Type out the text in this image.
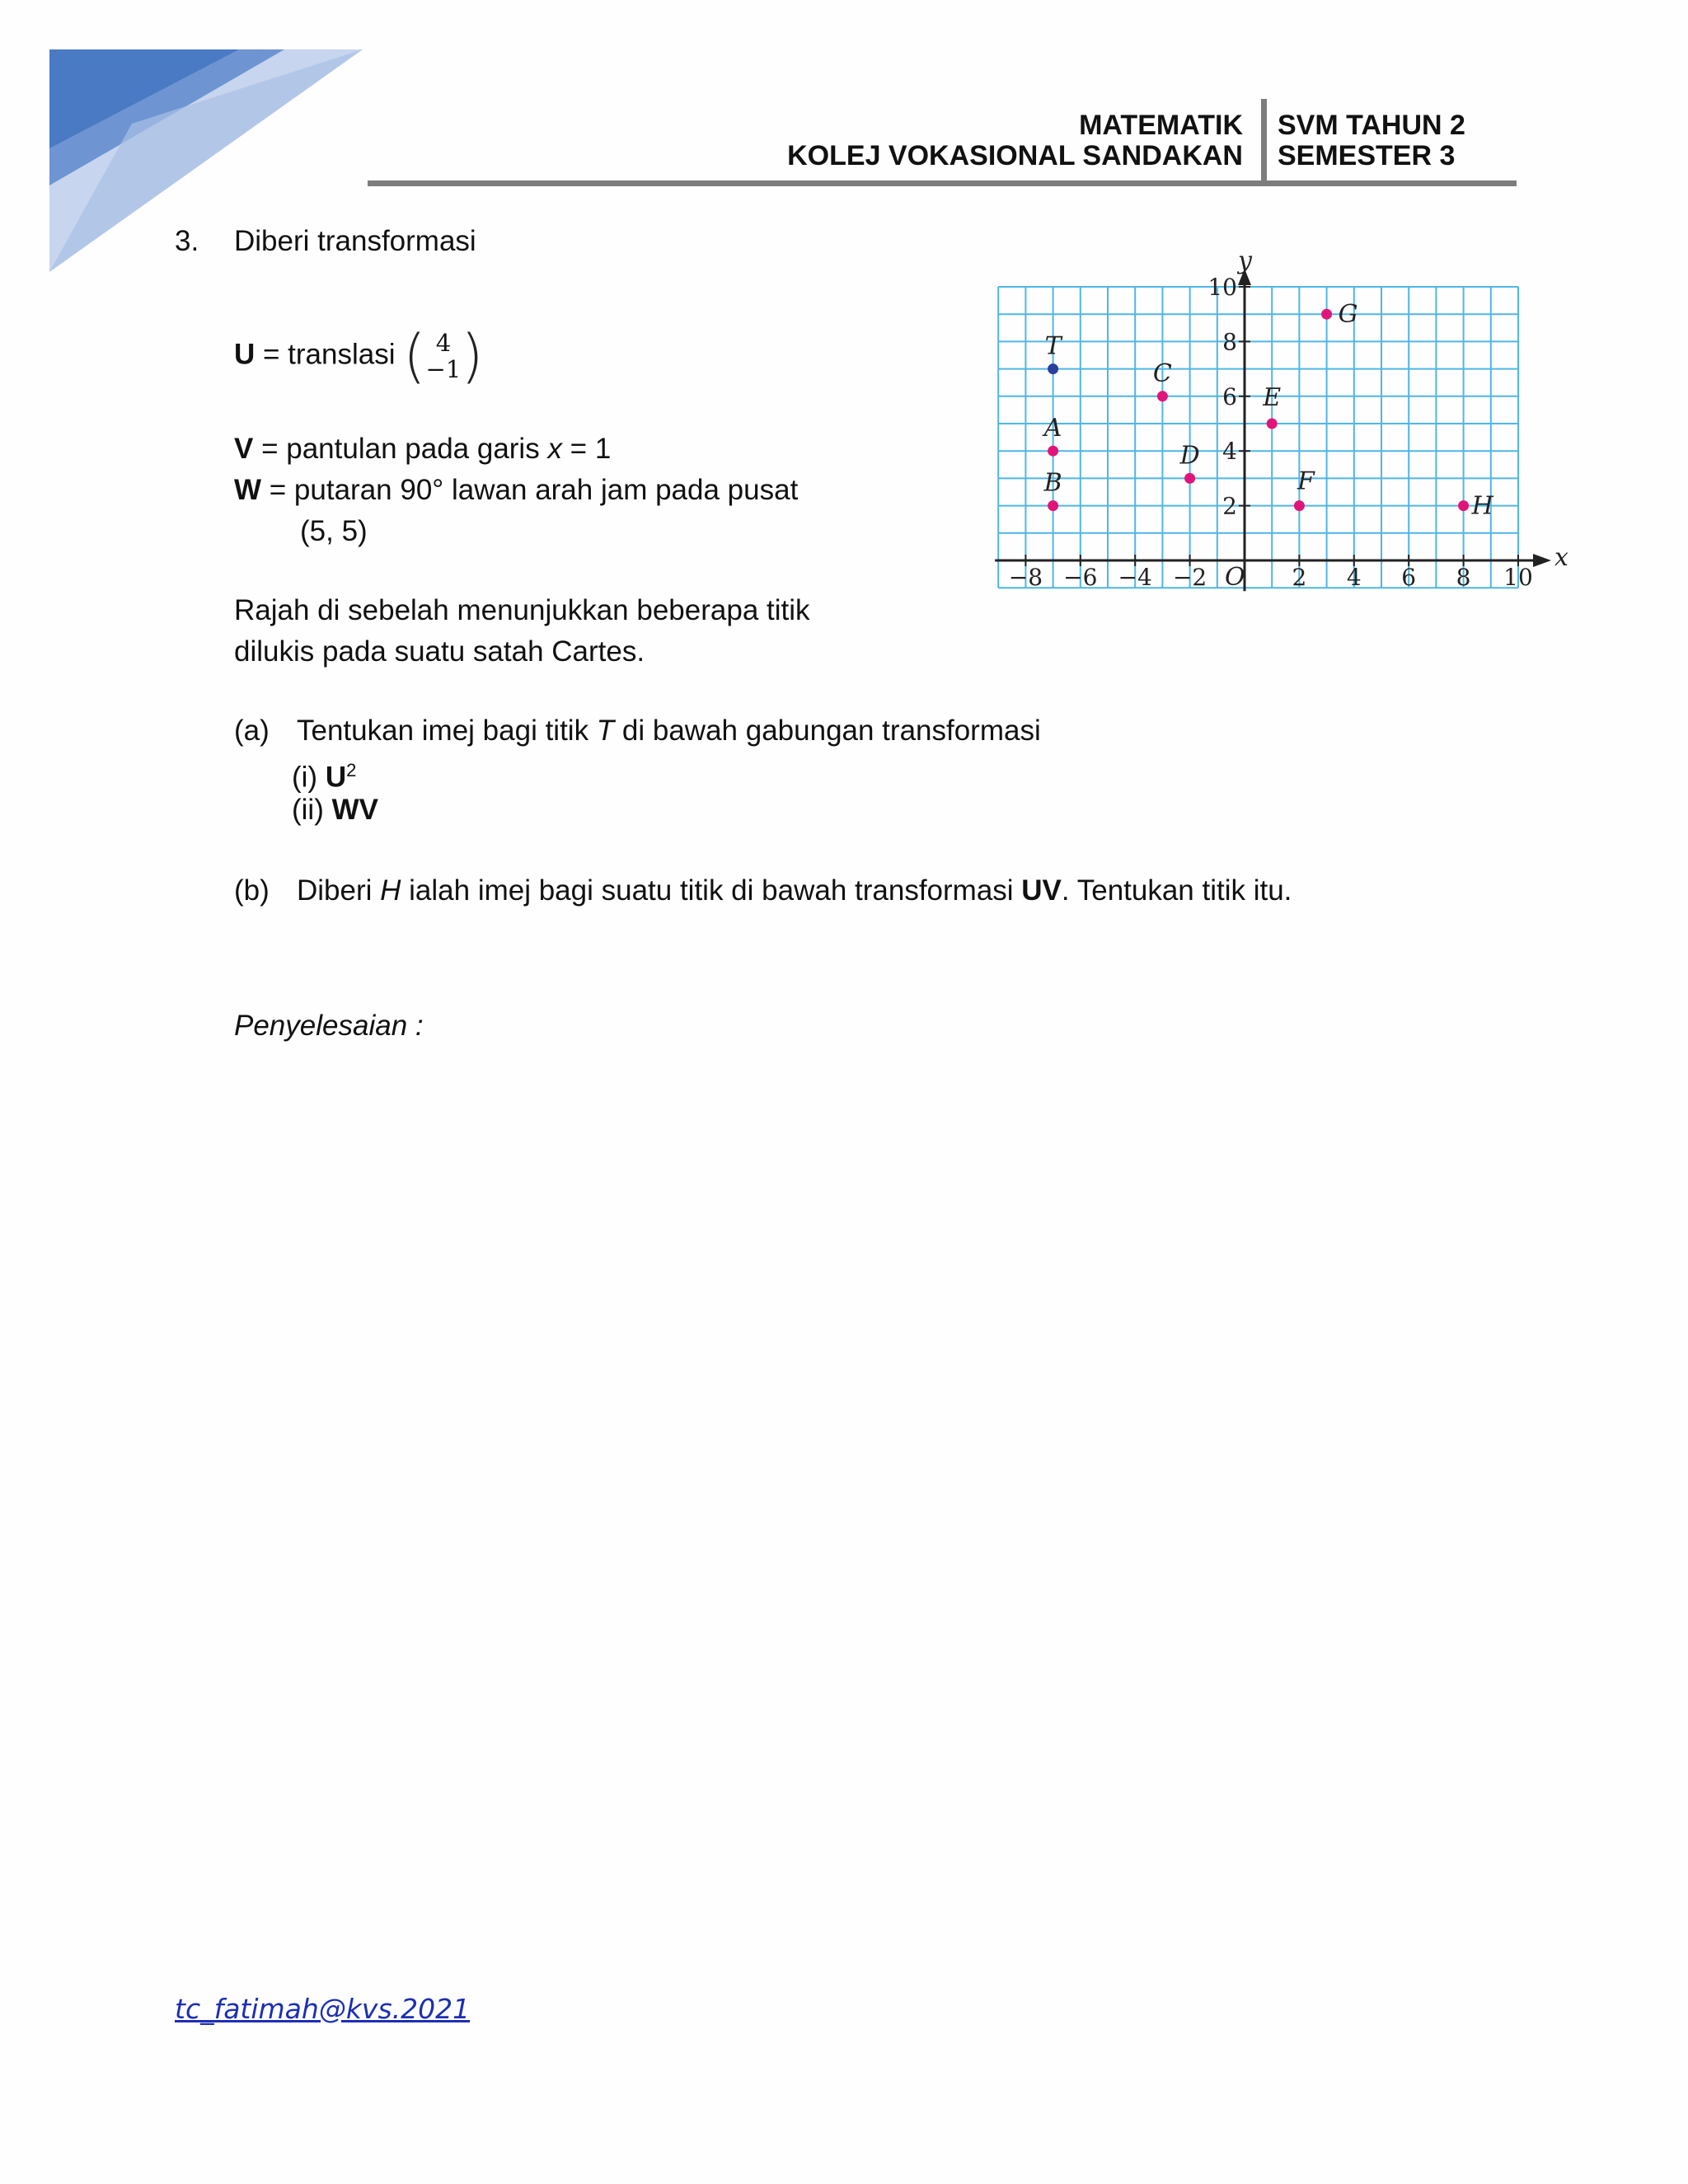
MATEMATIK
KOLEJ VOKASIONAL SANDAKAN
SVM TAHUN 2
SEMESTER 3
3. Diberi transformasi
U = translasi ( 4
−1)
V = pantulan pada garis x = 1
W = putaran 90° lawan arah jam pada pusat
(5, 5)
Rajah di sebelah menunjukkan beberapa titik
dilukis pada suatu satah Cartes.
(a) Tentukan imej bagi titik T di bawah gabungan transformasi
(i) $U^2$
(ii) WV
(b) Diberi H ialah imej bagi suatu titik di bawah transformasi UV. Tentukan titik itu.
Penyelesaian :
x
y
O
−8 −6 −4 −2	2 4 6 8 10
2
4
6
8
10
T
A
B
C
D
E
F
G
H
tc_fatimah@kvs.2021
